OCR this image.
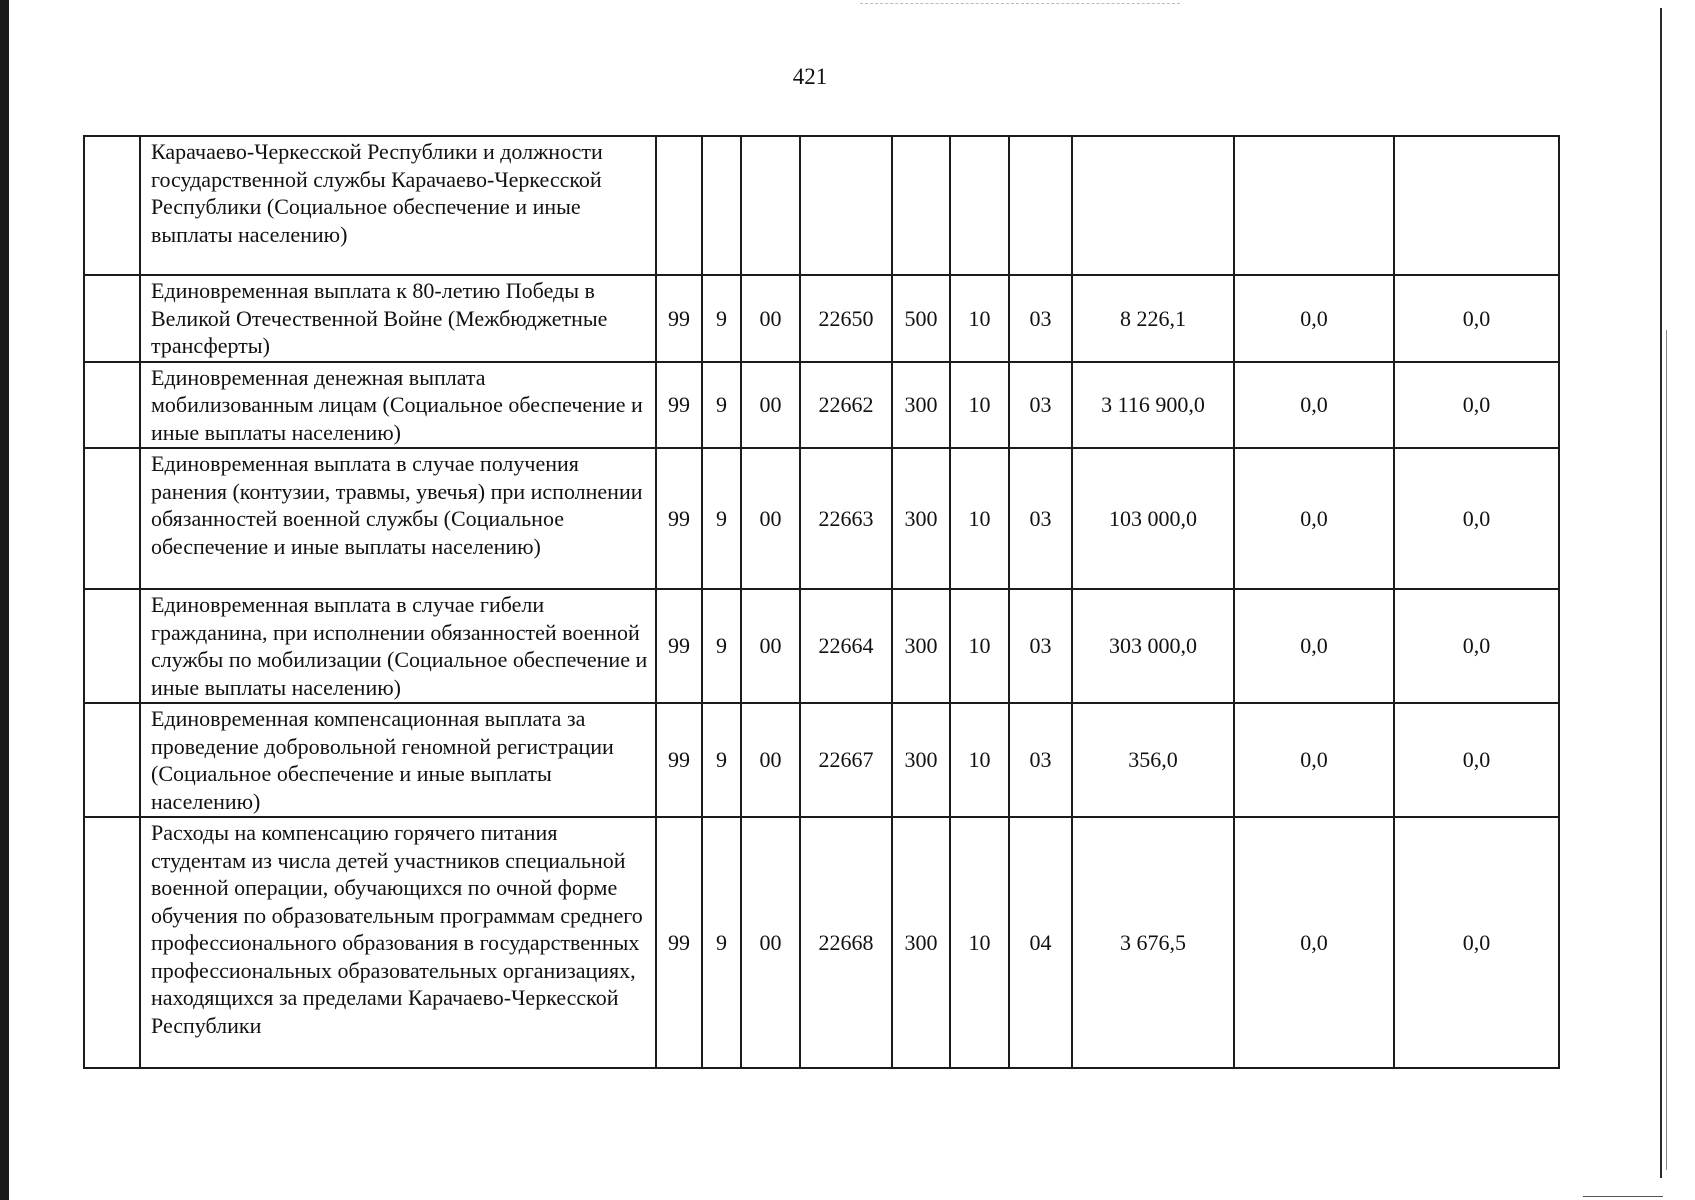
421
	Карачаево-Черкесской Республики и должности государственной службы Карачаево-Черкесской Республики (Социальное обеспечение и иные выплаты населению)										
	Единовременная выплата к 80-летию Победы в Великой Отечественной Войне (Межбюджетные трансферты)	99	9	00	22650	500	10	03	8 226,1	0,0	0,0
	Единовременная денежная выплата мобилизованным лицам (Социальное обеспечение и иные выплаты населению)	99	9	00	22662	300	10	03	3 116 900,0	0,0	0,0
	Единовременная выплата в случае получения ранения (контузии, травмы, увечья) при исполнении обязанностей военной службы (Социальное обеспечение и иные выплаты населению)	99	9	00	22663	300	10	03	103 000,0	0,0	0,0
	Единовременная выплата в случае гибели гражданина, при исполнении обязанностей военной службы по мобилизации (Социальное обеспечение и иные выплаты населению)	99	9	00	22664	300	10	03	303 000,0	0,0	0,0
	Единовременная компенсационная выплата за проведение добровольной геномной регистрации (Социальное обеспечение и иные выплаты населению)	99	9	00	22667	300	10	03	356,0	0,0	0,0
	Расходы на компенсацию горячего питания студентам из числа детей участников специальной военной операции, обучающихся по очной форме обучения по образовательным программам среднего профессионального образования в государственных профессиональных образовательных организациях, находящихся за пределами Карачаево-Черкесской Республики	99	9	00	22668	300	10	04	3 676,5	0,0	0,0
